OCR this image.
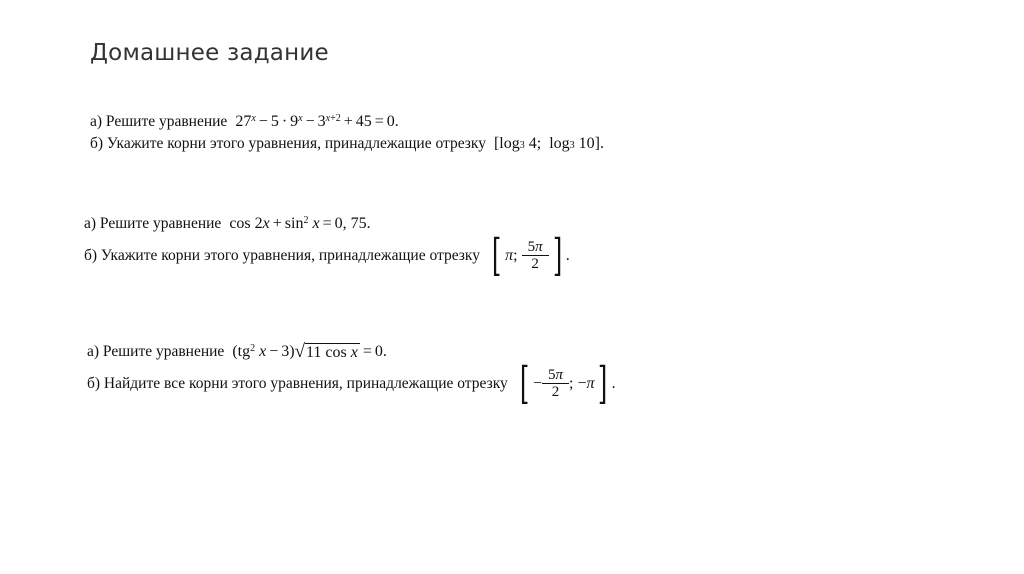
Домашнее задание
а) Решите уравнение 27 $^x$ − 5 · 9 $^x$ − 3 $^{x+2}$ + 45 = 0.
б) Укажите корни этого уравнения, принадлежащие отрезку [$\log_3$ 4;  $\log_3 10$].
а) Решите уравнение cos 2 $x + \sin^2$
x = 0, 75.
б) Укажите корни этого уравнения, принадлежащие отрезку [ π ; $\frac{5\pi}{2}$ ] .
а) Решите уравнение ($tg^2$
x − 3) √ 11 cos x = 0.
б) Найдите все корни этого уравнения, принадлежащие отрезку [ − $\frac{5\pi}{2}$ ; − π ] .
